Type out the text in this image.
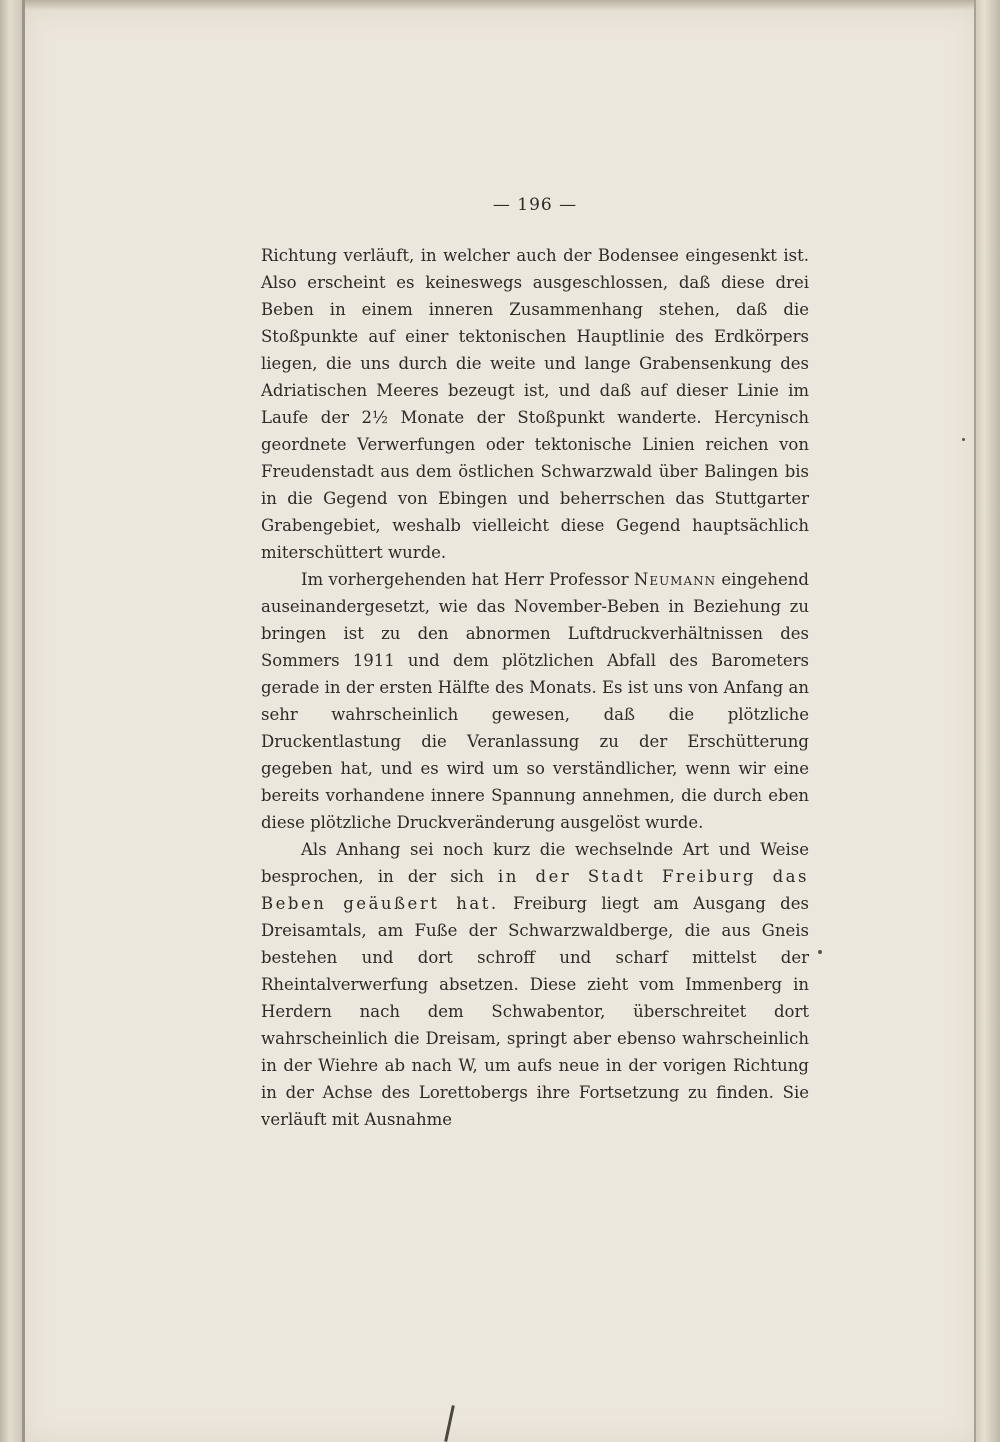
— 196 —

Richtung verläuft, in welcher auch der Bodensee eingesenkt ist. Also erscheint es keineswegs ausgeschlossen, daß diese drei Beben in einem inneren Zusammenhang stehen, daß die Stoßpunkte auf einer tektonischen Hauptlinie des Erdkörpers liegen, die uns durch die weite und lange Grabensenkung des Adriatischen Meeres bezeugt ist, und daß auf dieser Linie im Laufe der 2½ Monate der Stoßpunkt wanderte. Hercynisch geordnete Verwerfungen oder tektonische Linien reichen von Freudenstadt aus dem östlichen Schwarzwald über Balingen bis in die Gegend von Ebingen und beherrschen das Stuttgarter Grabengebiet, weshalb vielleicht diese Gegend hauptsächlich miterschüttert wurde.

Im vorhergehenden hat Herr Professor Neumann eingehend auseinandergesetzt, wie das November-Beben in Beziehung zu bringen ist zu den abnormen Luftdruckverhältnissen des Sommers 1911 und dem plötzlichen Abfall des Barometers gerade in der ersten Hälfte des Monats. Es ist uns von Anfang an sehr wahrscheinlich gewesen, daß die plötzliche Druckentlastung die Veranlassung zu der Erschütterung gegeben hat, und es wird um so verständlicher, wenn wir eine bereits vorhandene innere Spannung annehmen, die durch eben diese plötzliche Druckveränderung ausgelöst wurde.

Als Anhang sei noch kurz die wechselnde Art und Weise besprochen, in der sich in der Stadt Freiburg das Beben geäußert hat. Freiburg liegt am Ausgang des Dreisamtals, am Fuße der Schwarzwaldberge, die aus Gneis bestehen und dort schroff und scharf mittelst der Rheintalverwerfung absetzen. Diese zieht vom Immenberg in Herdern nach dem Schwabentor, überschreitet dort wahrscheinlich die Dreisam, springt aber ebenso wahrscheinlich in der Wiehre ab nach W, um aufs neue in der vorigen Richtung in der Achse des Lorettobergs ihre Fortsetzung zu finden. Sie verläuft mit Ausnahme
